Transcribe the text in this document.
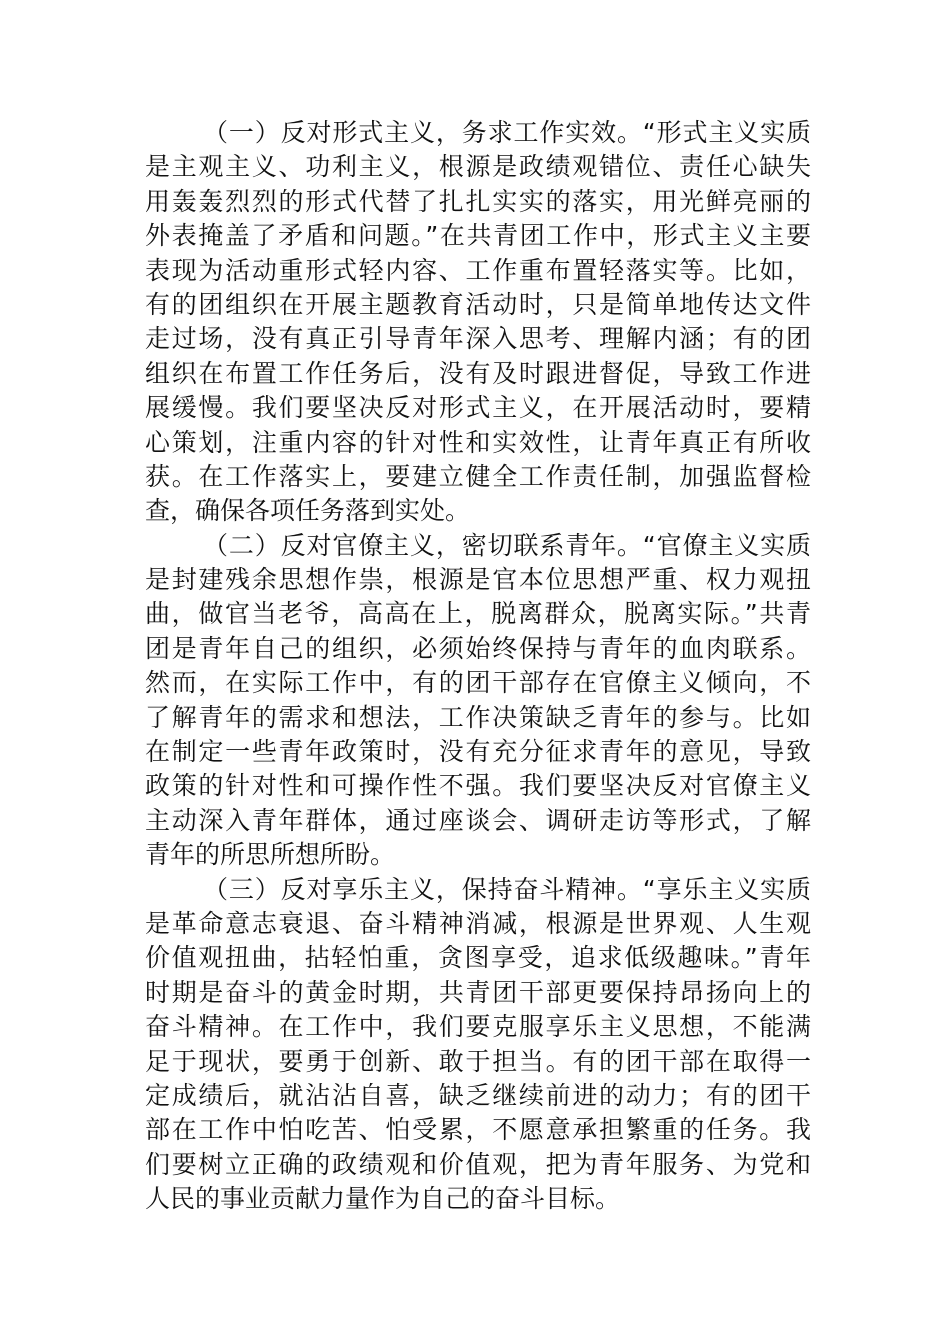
（一）反对形式主义，务求工作实效。“形式主义实质
是主观主义、功利主义，根源是政绩观错位、责任心缺失
用轰轰烈烈的形式代替了扎扎实实的落实，用光鲜亮丽的
外表掩盖了矛盾和问题。”在共青团工作中，形式主义主要
表现为活动重形式轻内容、工作重布置轻落实等。比如，
有的团组织在开展主题教育活动时，只是简单地传达文件
走过场，没有真正引导青年深入思考、理解内涵；有的团
组织在布置工作任务后，没有及时跟进督促，导致工作进
展缓慢。我们要坚决反对形式主义，在开展活动时，要精
心策划，注重内容的针对性和实效性，让青年真正有所收
获。在工作落实上，要建立健全工作责任制，加强监督检
查，确保各项任务落到实处。
（二）反对官僚主义，密切联系青年。“官僚主义实质
是封建残余思想作祟，根源是官本位思想严重、权力观扭
曲，做官当老爷，高高在上，脱离群众，脱离实际。”共青
团是青年自己的组织，必须始终保持与青年的血肉联系。
然而，在实际工作中，有的团干部存在官僚主义倾向，不
了解青年的需求和想法，工作决策缺乏青年的参与。比如
在制定一些青年政策时，没有充分征求青年的意见，导致
政策的针对性和可操作性不强。我们要坚决反对官僚主义
主动深入青年群体，通过座谈会、调研走访等形式，了解
青年的所思所想所盼。
（三）反对享乐主义，保持奋斗精神。“享乐主义实质
是革命意志衰退、奋斗精神消减，根源是世界观、人生观
价值观扭曲，拈轻怕重，贪图享受，追求低级趣味。”青年
时期是奋斗的黄金时期，共青团干部更要保持昂扬向上的
奋斗精神。在工作中，我们要克服享乐主义思想，不能满
足于现状，要勇于创新、敢于担当。有的团干部在取得一
定成绩后，就沾沾自喜，缺乏继续前进的动力；有的团干
部在工作中怕吃苦、怕受累，不愿意承担繁重的任务。我
们要树立正确的政绩观和价值观，把为青年服务、为党和
人民的事业贡献力量作为自己的奋斗目标。
